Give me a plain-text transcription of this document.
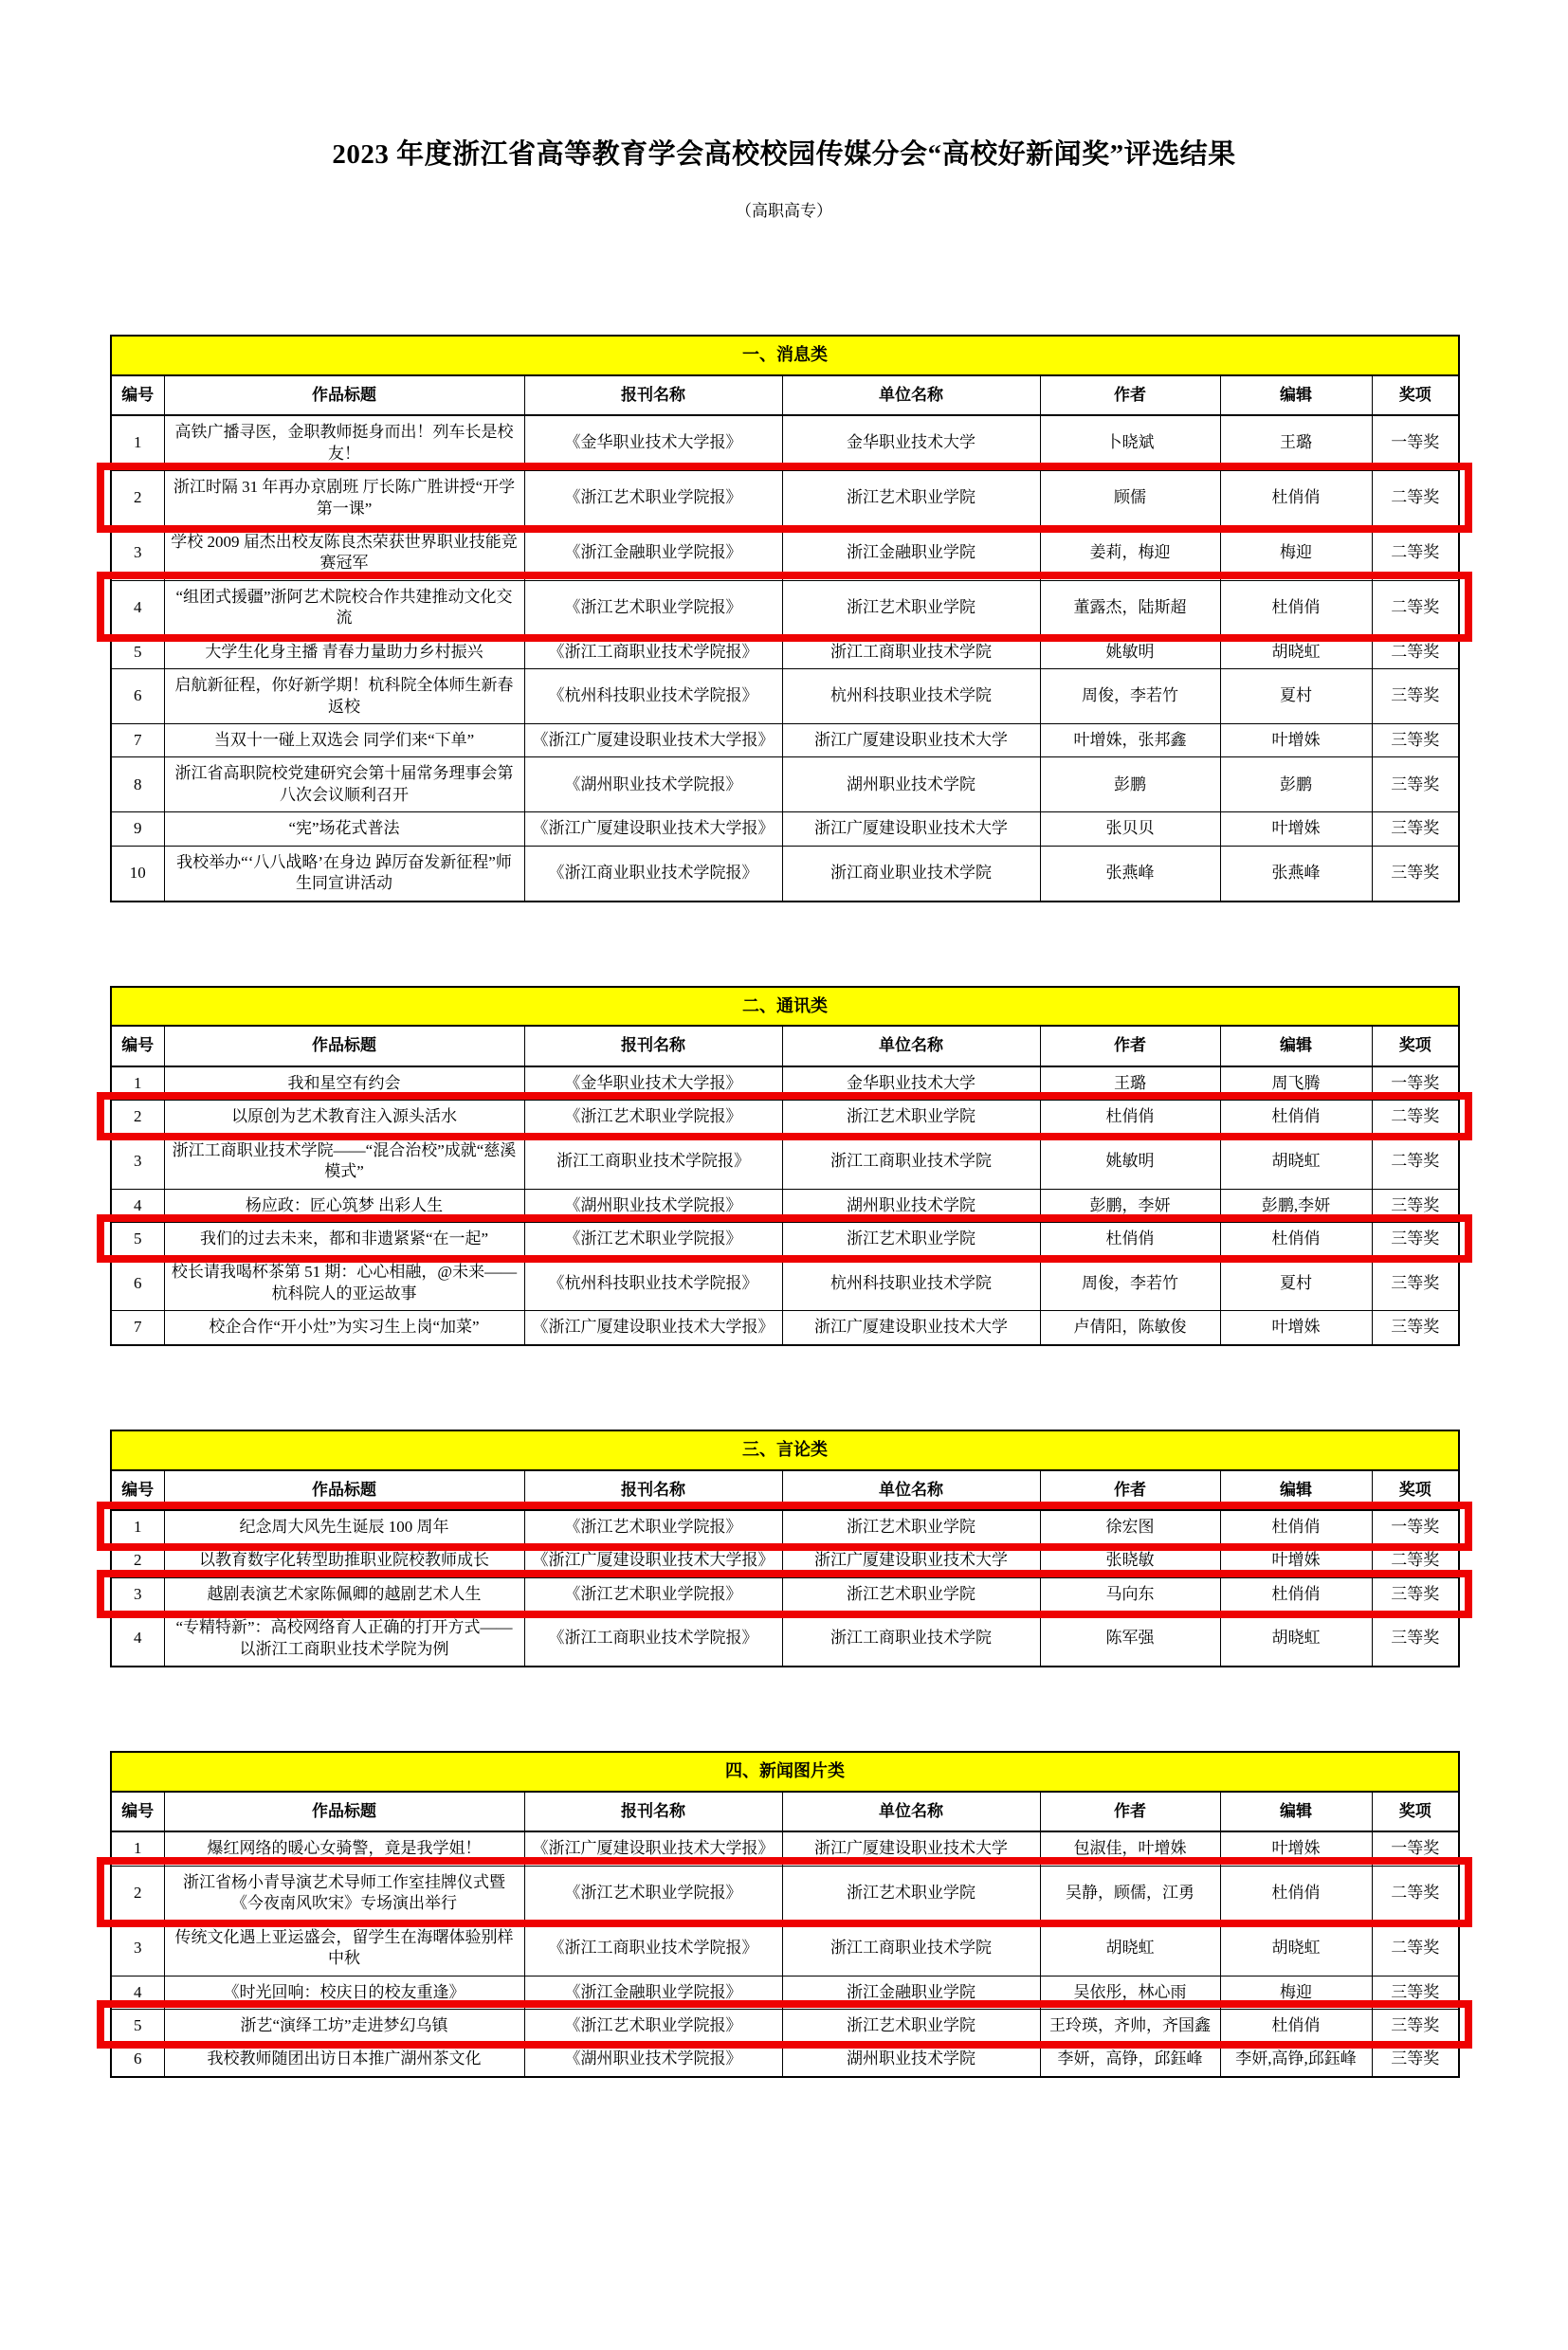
2023 年度浙江省高等教育学会高校校园传媒分会“高校好新闻奖”评选结果
（高职高专）
一、消息类						
编号	作品标题	报刊名称	单位名称	作者	编辑	奖项
1	高铁广播寻医，金职教师挺身而出！列车长是校友！	《金华职业技术大学报》	金华职业技术大学	卜晓斌	王璐	一等奖
2	浙江时隔 31 年再办京剧班 厅长陈广胜讲授“开学第一课”	《浙江艺术职业学院报》	浙江艺术职业学院	顾儒	杜俏俏	二等奖
3	学校 2009 届杰出校友陈良杰荣获世界职业技能竞赛冠军	《浙江金融职业学院报》	浙江金融职业学院	姜莉，梅迎	梅迎	二等奖
4	“组团式援疆”浙阿艺术院校合作共建推动文化交流	《浙江艺术职业学院报》	浙江艺术职业学院	董露杰，陆斯超	杜俏俏	二等奖
5	大学生化身主播 青春力量助力乡村振兴	《浙江工商职业技术学院报》	浙江工商职业技术学院	姚敏明	胡晓虹	二等奖
6	启航新征程，你好新学期！杭科院全体师生新春返校	《杭州科技职业技术学院报》	杭州科技职业技术学院	周俊，李若竹	夏村	三等奖
7	当双十一碰上双选会 同学们来“下单”	《浙江广厦建设职业技术大学报》	浙江广厦建设职业技术大学	叶增姝，张邦鑫	叶增姝	三等奖
8	浙江省高职院校党建研究会第十届常务理事会第八次会议顺利召开	《湖州职业技术学院报》	湖州职业技术学院	彭鹏	彭鹏	三等奖
9	“宪”场花式普法	《浙江广厦建设职业技术大学报》	浙江广厦建设职业技术大学	张贝贝	叶增姝	三等奖
10	我校举办“‘八八战略’在身边 踔厉奋发新征程”师生同宣讲活动	《浙江商业职业技术学院报》	浙江商业职业技术学院	张燕峰	张燕峰	三等奖
二、通讯类						
编号	作品标题	报刊名称	单位名称	作者	编辑	奖项
1	我和星空有约会	《金华职业技术大学报》	金华职业技术大学	王璐	周飞腾	一等奖
2	以原创为艺术教育注入源头活水	《浙江艺术职业学院报》	浙江艺术职业学院	杜俏俏	杜俏俏	二等奖
3	浙江工商职业技术学院——“混合治校”成就“慈溪模式”	浙江工商职业技术学院报》	浙江工商职业技术学院	姚敏明	胡晓虹	二等奖
4	杨应政：匠心筑梦 出彩人生	《湖州职业技术学院报》	湖州职业技术学院	彭鹏，李妍	彭鹏,李妍	三等奖
5	我们的过去未来，都和非遗紧紧“在一起”	《浙江艺术职业学院报》	浙江艺术职业学院	杜俏俏	杜俏俏	三等奖
6	校长请我喝杯茶第 51 期：心心相融，@未来——杭科院人的亚运故事	《杭州科技职业技术学院报》	杭州科技职业技术学院	周俊，李若竹	夏村	三等奖
7	校企合作“开小灶”为实习生上岗“加菜”	《浙江广厦建设职业技术大学报》	浙江广厦建设职业技术大学	卢倩阳，陈敏俊	叶增姝	三等奖
三、言论类						
编号	作品标题	报刊名称	单位名称	作者	编辑	奖项
1	纪念周大风先生诞辰 100 周年	《浙江艺术职业学院报》	浙江艺术职业学院	徐宏图	杜俏俏	一等奖
2	以教育数字化转型助推职业院校教师成长	《浙江广厦建设职业技术大学报》	浙江广厦建设职业技术大学	张晓敏	叶增姝	二等奖
3	越剧表演艺术家陈佩卿的越剧艺术人生	《浙江艺术职业学院报》	浙江艺术职业学院	马向东	杜俏俏	三等奖
4	“专精特新”：高校网络育人正确的打开方式——以浙江工商职业技术学院为例	《浙江工商职业技术学院报》	浙江工商职业技术学院	陈军强	胡晓虹	三等奖
四、新闻图片类						
编号	作品标题	报刊名称	单位名称	作者	编辑	奖项
1	爆红网络的暖心女骑警，竟是我学姐！	《浙江广厦建设职业技术大学报》	浙江广厦建设职业技术大学	包淑佳，叶增姝	叶增姝	一等奖
2	浙江省杨小青导演艺术导师工作室挂牌仪式暨《今夜南风吹宋》专场演出举行	《浙江艺术职业学院报》	浙江艺术职业学院	吴静，顾儒，江勇	杜俏俏	二等奖
3	传统文化遇上亚运盛会，留学生在海曙体验别样中秋	《浙江工商职业技术学院报》	浙江工商职业技术学院	胡晓虹	胡晓虹	二等奖
4	《时光回响：校庆日的校友重逢》	《浙江金融职业学院报》	浙江金融职业学院	吴依彤，林心雨	梅迎	三等奖
5	浙艺“演绎工坊”走进梦幻乌镇	《浙江艺术职业学院报》	浙江艺术职业学院	王玲瑛，齐帅，齐国鑫	杜俏俏	三等奖
6	我校教师随团出访日本推广湖州茶文化	《湖州职业技术学院报》	湖州职业技术学院	李妍，高铮，邱鈺峰	李妍,高铮,邱鈺峰	三等奖
